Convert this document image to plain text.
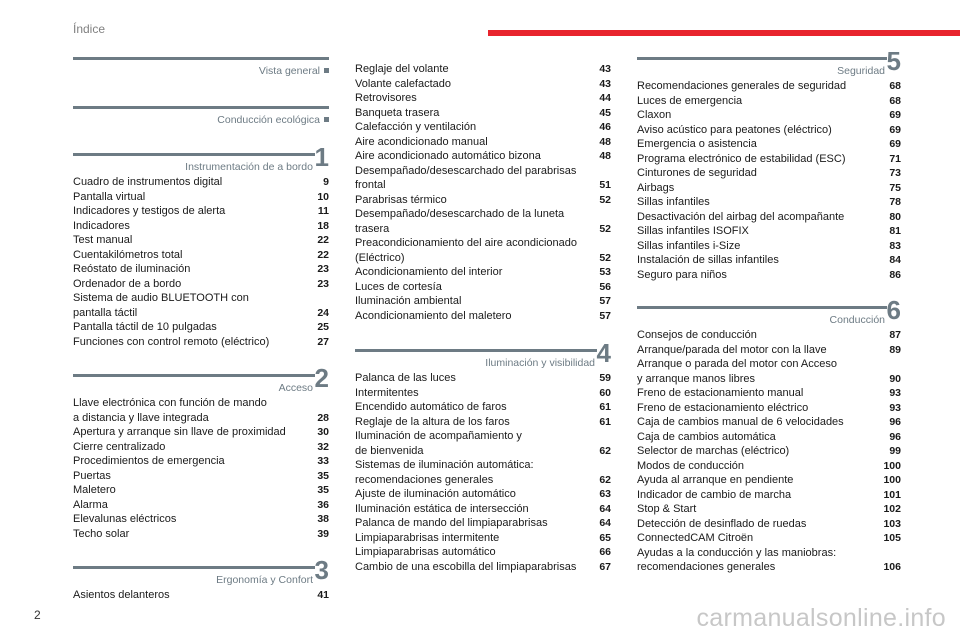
Índice
Vista general
Conducción ecológica
Instrumentación de a bordo 1
Cuadro de instrumentos digital	9
Pantalla virtual	10
Indicadores y testigos de alerta	11
Indicadores	18
Test manual	22
Cuentakilómetros total	22
Reóstato de iluminación	23
Ordenador de a bordo	23
Sistema de audio BLUETOOTH con
pantalla táctil	24
Pantalla táctil de 10 pulgadas	25
Funciones con control remoto (eléctrico)	27
Acceso 2
Llave electrónica con función de mando
a distancia y llave integrada	28
Apertura y arranque sin llave de proximidad	30
Cierre centralizado	32
Procedimientos de emergencia	33
Puertas	35
Maletero	35
Alarma	36
Elevalunas eléctricos	38
Techo solar	39
Ergonomía y Confort 3
Asientos delanteros	41
Reglaje del volante	43
Volante calefactado	43
Retrovisores	44
Banqueta trasera	45
Calefacción y ventilación	46
Aire acondicionado manual	48
Aire acondicionado automático bizona	48
Desempañado/desescarchado del parabrisas
frontal	51
Parabrisas térmico	52
Desempañado/desescarchado de la luneta
trasera	52
Preacondicionamiento del aire acondicionado
(Eléctrico)	52
Acondicionamiento del interior	53
Luces de cortesía	56
Iluminación ambiental	57
Acondicionamiento del maletero	57
Iluminación y visibilidad 4
Palanca de las luces	59
Intermitentes	60
Encendido automático de faros	61
Reglaje de la altura de los faros	61
Iluminación de acompañamiento y
de bienvenida	62
Sistemas de iluminación automática:
recomendaciones generales	62
Ajuste de iluminación automático	63
Iluminación estática de intersección	64
Palanca de mando del limpiaparabrisas	64
Limpiaparabrisas intermitente	65
Limpiaparabrisas automático	66
Cambio de una escobilla del limpiaparabrisas 67
Seguridad 5
Recomendaciones generales de seguridad	68
Luces de emergencia	68
Claxon	69
Aviso acústico para peatones (eléctrico)	69
Emergencia o asistencia	69
Programa electrónico de estabilidad (ESC)	71
Cinturones de seguridad	73
Airbags	75
Sillas infantiles	78
Desactivación del airbag del acompañante	80
Sillas infantiles ISOFIX	81
Sillas infantiles i-Size	83
Instalación de sillas infantiles	84
Seguro para niños	86
Conducción 6
Consejos de conducción	87
Arranque/parada del motor con la llave	89
Arranque o parada del motor con Acceso
y arranque manos libres	90
Freno de estacionamiento manual	93
Freno de estacionamiento eléctrico	93
Caja de cambios manual de 6 velocidades	96
Caja de cambios automática	96
Selector de marchas (eléctrico)	99
Modos de conducción	100
Ayuda al arranque en pendiente	100
Indicador de cambio de marcha	101
Stop & Start	102
Detección de desinflado de ruedas	103
ConnectedCAM Citroën	105
Ayudas a la conducción y las maniobras:
recomendaciones generales	106
2	carmanualsonline.info
